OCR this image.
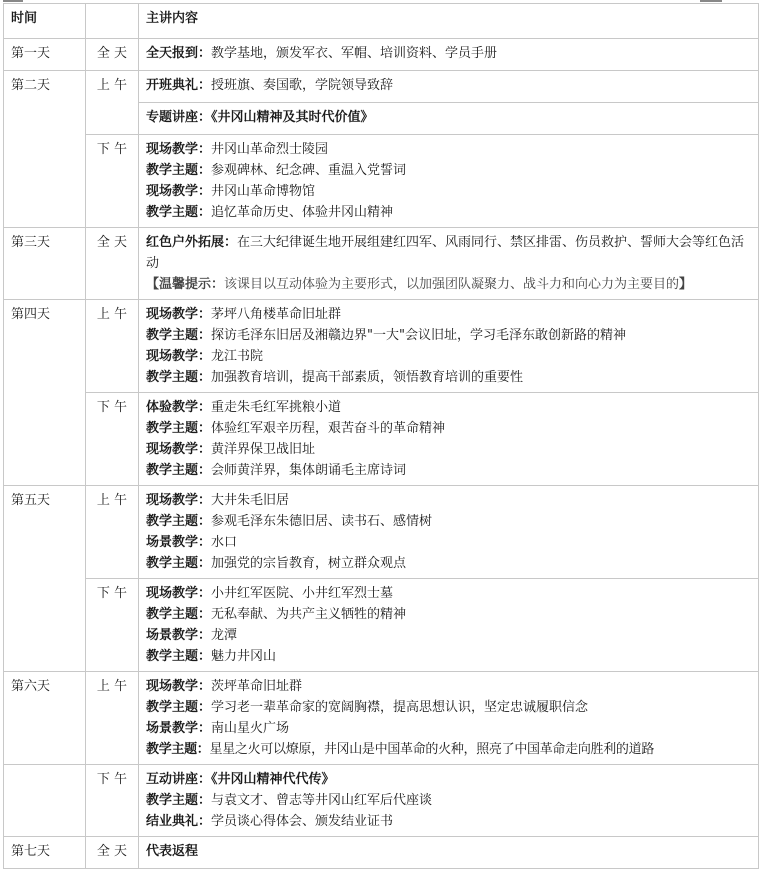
时间		主讲内容
第一天	全 天	全天报到：教学基地，颁发军衣、军帽、培训资料、学员手册

第二天	上 午	开班典礼：授班旗、奏国歌，学院领导致辞

		专题讲座：《井冈山精神及其时代价值》

	下 午	现场教学：井冈山革命烈士陵园
教学主题：参观碑林、纪念碑、重温入党誓词
现场教学：井冈山革命博物馆
教学主题：追忆革命历史、体验井冈山精神

第三天	全 天	红色户外拓展：在三大纪律诞生地开展组建红四军、风雨同行、禁区排雷、伤员救护、誓师大会等红色活动
【温馨提示：该课目以互动体验为主要形式，以加强团队凝聚力、战斗力和向心力为主要目的】

第四天	上 午	现场教学：茅坪八角楼革命旧址群
教学主题：探访毛泽东旧居及湘赣边界"一大"会议旧址，学习毛泽东敢创新路的精神
现场教学：龙江书院
教学主题：加强教育培训，提高干部素质，领悟教育培训的重要性

	下 午	体验教学：重走朱毛红军挑粮小道
教学主题：体验红军艰辛历程，艰苦奋斗的革命精神
现场教学：黄洋界保卫战旧址
教学主题：会师黄洋界，集体朗诵毛主席诗词

第五天	上 午	现场教学：大井朱毛旧居
教学主题：参观毛泽东朱德旧居、读书石、感情树
场景教学：水口
教学主题：加强党的宗旨教育，树立群众观点

	下 午	现场教学：小井红军医院、小井红军烈士墓
教学主题：无私奉献、为共产主义牺牲的精神
场景教学：龙潭
教学主题：魅力井冈山

第六天	上 午	现场教学：茨坪革命旧址群
教学主题：学习老一辈革命家的宽阔胸襟，提高思想认识，坚定忠诚履职信念
场景教学：南山星火广场
教学主题：星星之火可以燎原，井冈山是中国革命的火种，照亮了中国革命走向胜利的道路

	下 午	互动讲座：《井冈山精神代代传》
教学主题：与袁文才、曾志等井冈山红军后代座谈
结业典礼：学员谈心得体会、颁发结业证书

第七天	全 天	代表返程
